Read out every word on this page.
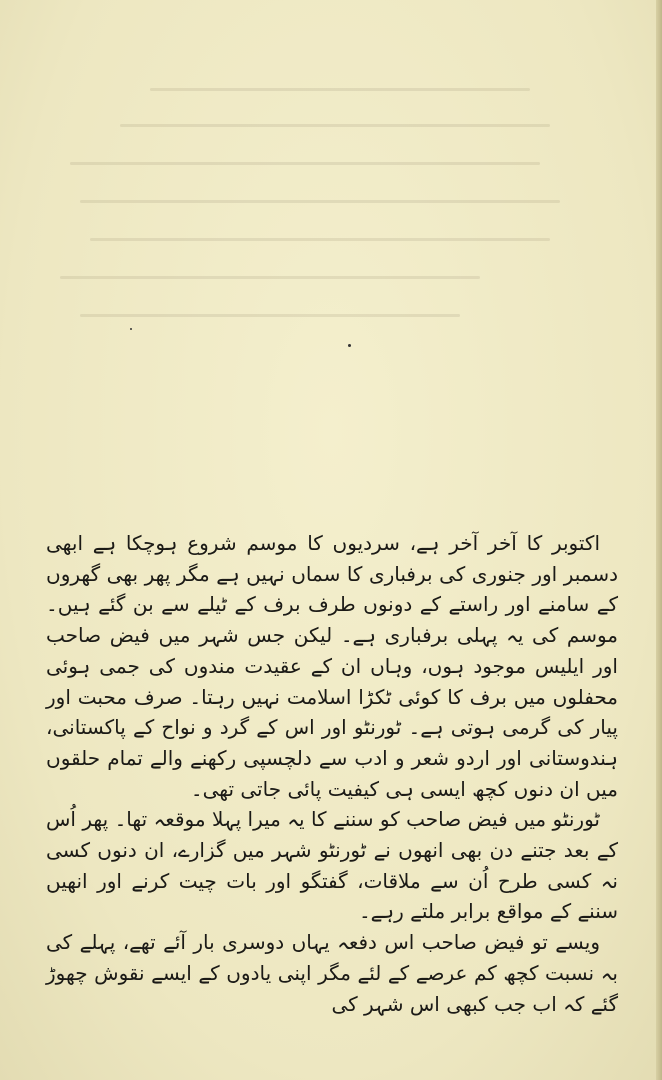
اکتوبر کا آخر آخر ہے، سردیوں کا موسم شروع ہوچکا ہے ابھی دسمبر اور جنوری کی برفباری کا سماں نہیں ہے مگر پھر بھی گھروں کے سامنے اور راستے کے دونوں طرف برف کے ٹیلے سے بن گئے ہیں۔ موسم کی یہ پہلی برفباری ہے۔ لیکن جس شہر میں فیض صاحب اور ایلیس موجود ہوں، وہاں ان کے عقیدت مندوں کی جمی ہوئی محفلوں میں برف کا کوئی ٹکڑا اسلامت نہیں رہتا۔ صرف محبت اور پیار کی گرمی ہوتی ہے۔ ٹورنٹو اور اس کے گرد و نواح کے پاکستانی، ہندوستانی اور اردو شعر و ادب سے دلچسپی رکھنے والے تمام حلقوں میں ان دنوں کچھ ایسی ہی کیفیت پائی جاتی تھی۔

ٹورنٹو میں فیض صاحب کو سننے کا یہ میرا پہلا موقعہ تھا۔ پھر اُس کے بعد جتنے دن بھی انھوں نے ٹورنٹو شہر میں گزارے، ان دنوں کسی نہ کسی طرح اُن سے ملاقات، گفتگو اور بات چیت کرنے اور انھیں سننے کے مواقع برابر ملتے رہے۔

ویسے تو فیض صاحب اس دفعہ یہاں دوسری بار آئے تھے، پہلے کی بہ نسبت کچھ کم عرصے کے لئے مگر اپنی یادوں کے ایسے نقوش چھوڑ گئے کہ اب جب کبھی اس شہر کی
